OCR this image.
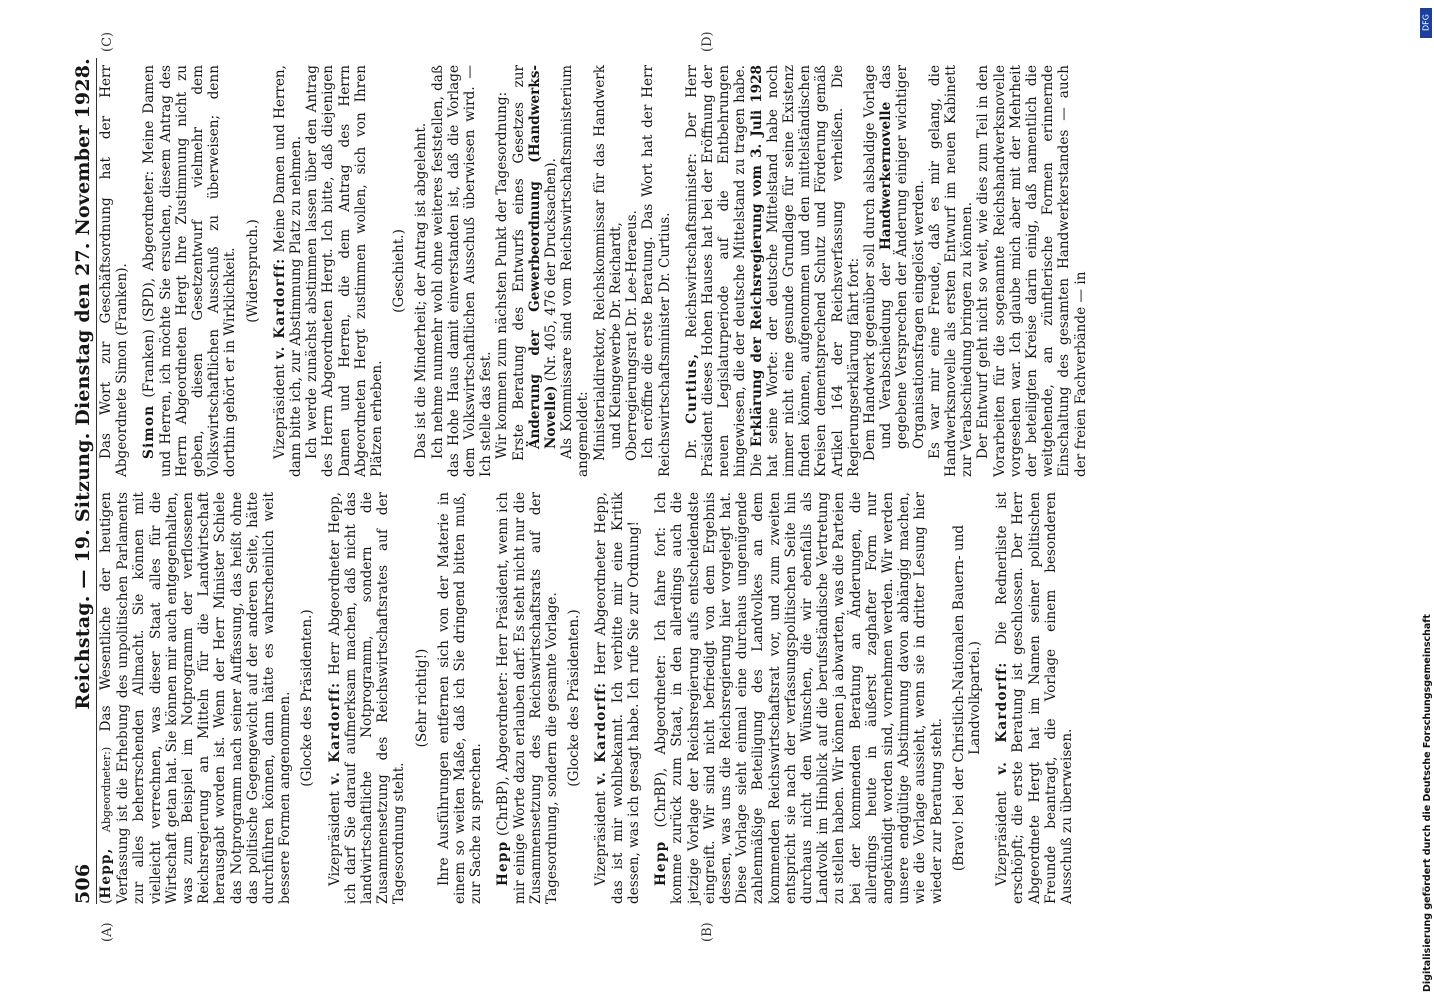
506
Reichstag. — 19. Sitzung. Dienstag den 27. November 1928.
(A)	(B)
(C)	(D)

(Hepp, Abgeordneter:) Das Wesentliche der heutigen Verfassung ist die Erhebung des unpolitischen Parlaments zur alles beherrschenden Allmacht. Sie können mit vielleicht verrechnen, was dieser Staat alles für die Wirtschaft getan hat. Sie können mir auch entgegenhalten, was zum Beispiel im Notprogramm der verflossenen Reichsregierung an Mitteln für die Landwirtschaft herausgabt worden ist. Wenn der Herr Minister Schiele das Notprogramm nach seiner Auffassung, das heißt ohne das politische Gegengewicht auf der anderen Seite, hätte durchführen können, dann hätte es wahrscheinlich weit bessere Formen angenommen. (Glocke des Präsidenten.)

Vizepräsident v. Kardorff: Herr Abgeordneter Hepp, ich darf Sie darauf aufmerksam machen, daß nicht das landwirtschaftliche Notprogramm, sondern die Zusammensetzung des Reichswirtschaftsrates auf der Tagesordnung steht.

(Sehr richtig!) Ihre Ausführungen entfernen sich von der Materie in einem so weiten Maße, daß ich Sie dringend bitten muß, zur Sache zu sprechen. Hepp (ChrBP), Abgeordneter: Herr Präsident, wenn ich mir einige Worte dazu erlauben darf: Es steht nicht nur die Zusammensetzung des Reichswirtschaftsrats auf der Tagesordnung, sondern die gesamte Vorlage. (Glocke des Präsidenten.)

Vizepräsident v. Kardorff: Herr Abgeordneter Hepp, das ist mir wohlbekannt. Ich verbitte mir eine Kritik dessen, was ich gesagt habe. Ich rufe Sie zur Ordnung! Hepp (ChrBP), Abgeordneter: Ich fahre fort: Ich komme zurück zum Staat, in den allerdings auch die jetzige Vorlage der Reichsregierung aufs entscheidendste eingreift. Wir sind nicht befriedigt von dem Ergebnis dessen, was uns die Reichsregierung hier vorgelegt hat. Diese Vorlage sieht einmal eine durchaus ungenügende zahlenmäßige Beteiligung des Landvolkes an dem kommenden Reichswirtschaftsrat vor, und zum zweiten entspricht sie nach der verfassungspolitischen Seite hin durchaus nicht den Wünschen, die wir ebenfalls als Landvolk im Hinblick auf die berufsständische Vertretung zu stellen haben. Wir können ja abwarten, was die Parteien bei der kommenden Beratung an Änderungen, die allerdings heute in äußerst zaghafter Form nur angekündigt worden sind, vornehmen werden. Wir werden unsere endgültige Abstimmung davon abhängig machen, wie die Vorlage aussieht, wenn sie in dritter Lesung hier wieder zur Beratung steht. (Bravo! bei der Christlich-Nationalen Bauern- und Landvolkpartei.)

Vizepräsident v. Kardorff: Die Rednerliste ist erschöpft; die erste Beratung ist geschlossen. Der Herr Abgeordnete Hergt hat im Namen seiner politischen Freunde beantragt, die Vorlage einem besonderen Ausschuß zu überweisen.

Das Wort zur Geschäftsordnung hat der Herr Abgeordnete Simon (Franken). Simon (Franken) (SPD), Abgeordneter: Meine Damen und Herren, ich möchte Sie ersuchen, diesem Antrag des Herrn Abgeordneten Hergt Ihre Zustimmung nicht zu geben, diesen Gesetzentwurf vielmehr dem Volkswirtschaftlichen Ausschuß zu überweisen; denn dorthin gehört er in Wirklichkeit. (Widerspruch.)

Vizepräsident v. Kardorff: Meine Damen und Herren, dann bitte ich, zur Abstimmung Platz zu nehmen. Ich werde zunächst abstimmen lassen über den Antrag des Herrn Abgeordneten Hergt. Ich bitte, daß diejenigen Damen und Herren, die dem Antrag des Herrn Abgeordneten Hergt zustimmen wollen, sich von Ihren Plätzen erheben.

(Geschieht.) Das ist die Minderheit; der Antrag ist abgelehnt. Ich nehme nunmehr wohl ohne weiteres feststellen, daß das Hohe Haus damit einverstanden ist, daß die Vorlage dem Volkswirtschaftlichen Ausschuß überwiesen wird. — Ich stelle das fest. Wir kommen zum nächsten Punkt der Tagesordnung: Erste Beratung des Entwurfs eines Gesetzes zur Änderung der Gewerbeordnung (Handwerks-Novelle) (Nr. 405, 476 der Drucksachen). Als Kommissare sind vom Reichswirtschaftsministerium angemeldet: Ministerialdirektor, Reichskommissar für das Handwerk und Kleingewerbe Dr. Reichardt, Oberregierungsrat Dr. Lee-Heraeus. Ich eröffne die erste Beratung. Das Wort hat der Herr Reichswirtschaftsminister Dr. Curtius. Dr. Curtius, Reichswirtschaftsminister: Der Herr Präsident dieses Hohen Hauses hat bei der Eröffnung der neuen Legislaturperiode auf die Entbehrungen hingewiesen, die der deutsche Mittelstand zu tragen habe. Die Erklärung der Reichsregierung vom 3. Juli 1928 hat seine Worte: der deutsche Mittelstand habe noch immer nicht eine gesunde Grundlage für seine Existenz finden können, aufgenommen und den mittelständischen Kreisen dementsprechend Schutz und Förderung gemäß Artikel 164 der Reichsverfassung verheißen. Die Regierungserklärung fährt fort: Dem Handwerk gegenüber soll durch alsbaldige Vorlage und Verabschiedung der Handwerkernovelle das gegebene Versprechen der Änderung einiger wichtiger Organisationsfragen eingelöst werden. Es war mir eine Freude, daß es mir gelang, die Handwerksnovelle als ersten Entwurf im neuen Kabinett zur Verabschiedung bringen zu können. Der Entwurf geht nicht so weit, wie dies zum Teil in den Vorarbeiten für die sogenannte Reichshandwerksnovelle vorgesehen war. Ich glaube mich aber mit der Mehrheit der beteiligten Kreise darin einig, daß namentlich die weitgehende, an zünftlerische Formen erinnernde Einschaltung des gesamten Handwerkerstandes — auch der freien Fachverbände — in

DFG
Digitalisierung gefördert durch die Deutsche Forschungsgemeinschaft
